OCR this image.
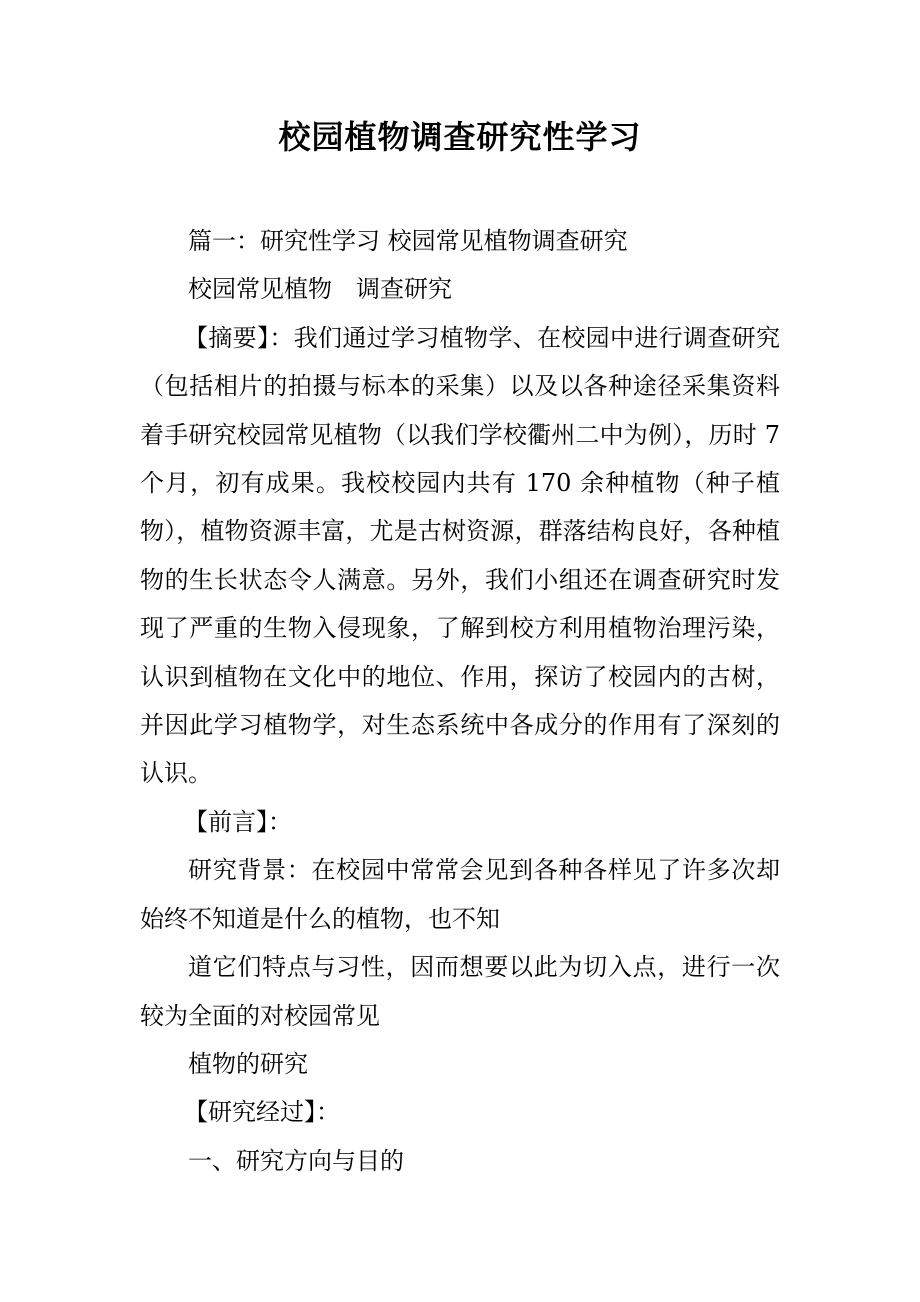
校园植物调查研究性学习

篇一：研究性学习 校园常见植物调查研究

校园常见植物　调查研究

【摘要】：我们通过学习植物学、在校园中进行调查研究（包括相片的拍摄与标本的采集）以及以各种途径采集资料着手研究校园常见植物（以我们学校衢州二中为例），历时 7 个月，初有成果。我校校园内共有 170 余种植物（种子植物），植物资源丰富，尤是古树资源，群落结构良好，各种植物的生长状态令人满意。另外，我们小组还在调查研究时发现了严重的生物入侵现象，了解到校方利用植物治理污染，认识到植物在文化中的地位、作用，探访了校园内的古树，并因此学习植物学，对生态系统中各成分的作用有了深刻的认识。

【前言】：

研究背景：在校园中常常会见到各种各样见了许多次却始终不知道是什么的植物，也不知

道它们特点与习性，因而想要以此为切入点，进行一次较为全面的对校园常见

植物的研究

【研究经过】：

一、研究方向与目的
